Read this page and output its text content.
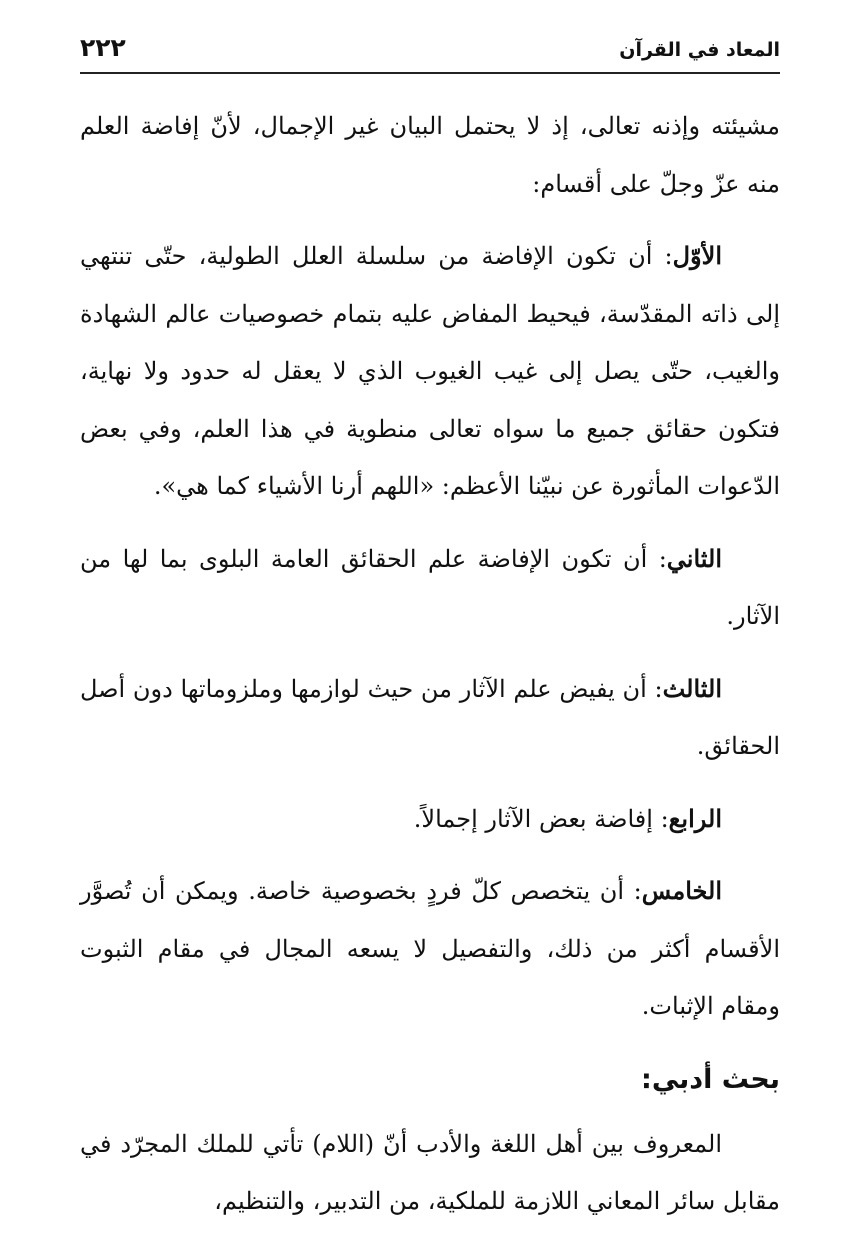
٢٢٢	المعاد في القرآن

مشيئته وإذنه تعالى، إذ لا يحتمل البيان غير الإجمال، لأنّ إفاضة العلم منه عزّ وجلّ على أقسام:

الأوّل: أن تكون الإفاضة من سلسلة العلل الطولية، حتّى تنتهي إلى ذاته المقدّسة، فيحيط المفاض عليه بتمام خصوصيات عالم الشهادة والغيب، حتّى يصل إلى غيب الغيوب الذي لا يعقل له حدود ولا نهاية، فتكون حقائق جميع ما سواه تعالى منطوية في هذا العلم، وفي بعض الدّعوات المأثورة عن نبيّنا الأعظم: «اللهم أرنا الأشياء كما هي».

الثاني: أن تكون الإفاضة علم الحقائق العامة البلوى بما لها من الآثار.

الثالث: أن يفيض علم الآثار من حيث لوازمها وملزوماتها دون أصل الحقائق.

الرابع: إفاضة بعض الآثار إجمالاً.

الخامس: أن يتخصص كلّ فردٍ بخصوصية خاصة. ويمكن أن تُصوَّر الأقسام أكثر من ذلك، والتفصيل لا يسعه المجال في مقام الثبوت ومقام الإثبات.

بحث أدبي:

المعروف بين أهل اللغة والأدب أنّ (اللام) تأتي للملك المجرّد في مقابل سائر المعاني اللازمة للملكية، من التدبير، والتنظيم،
